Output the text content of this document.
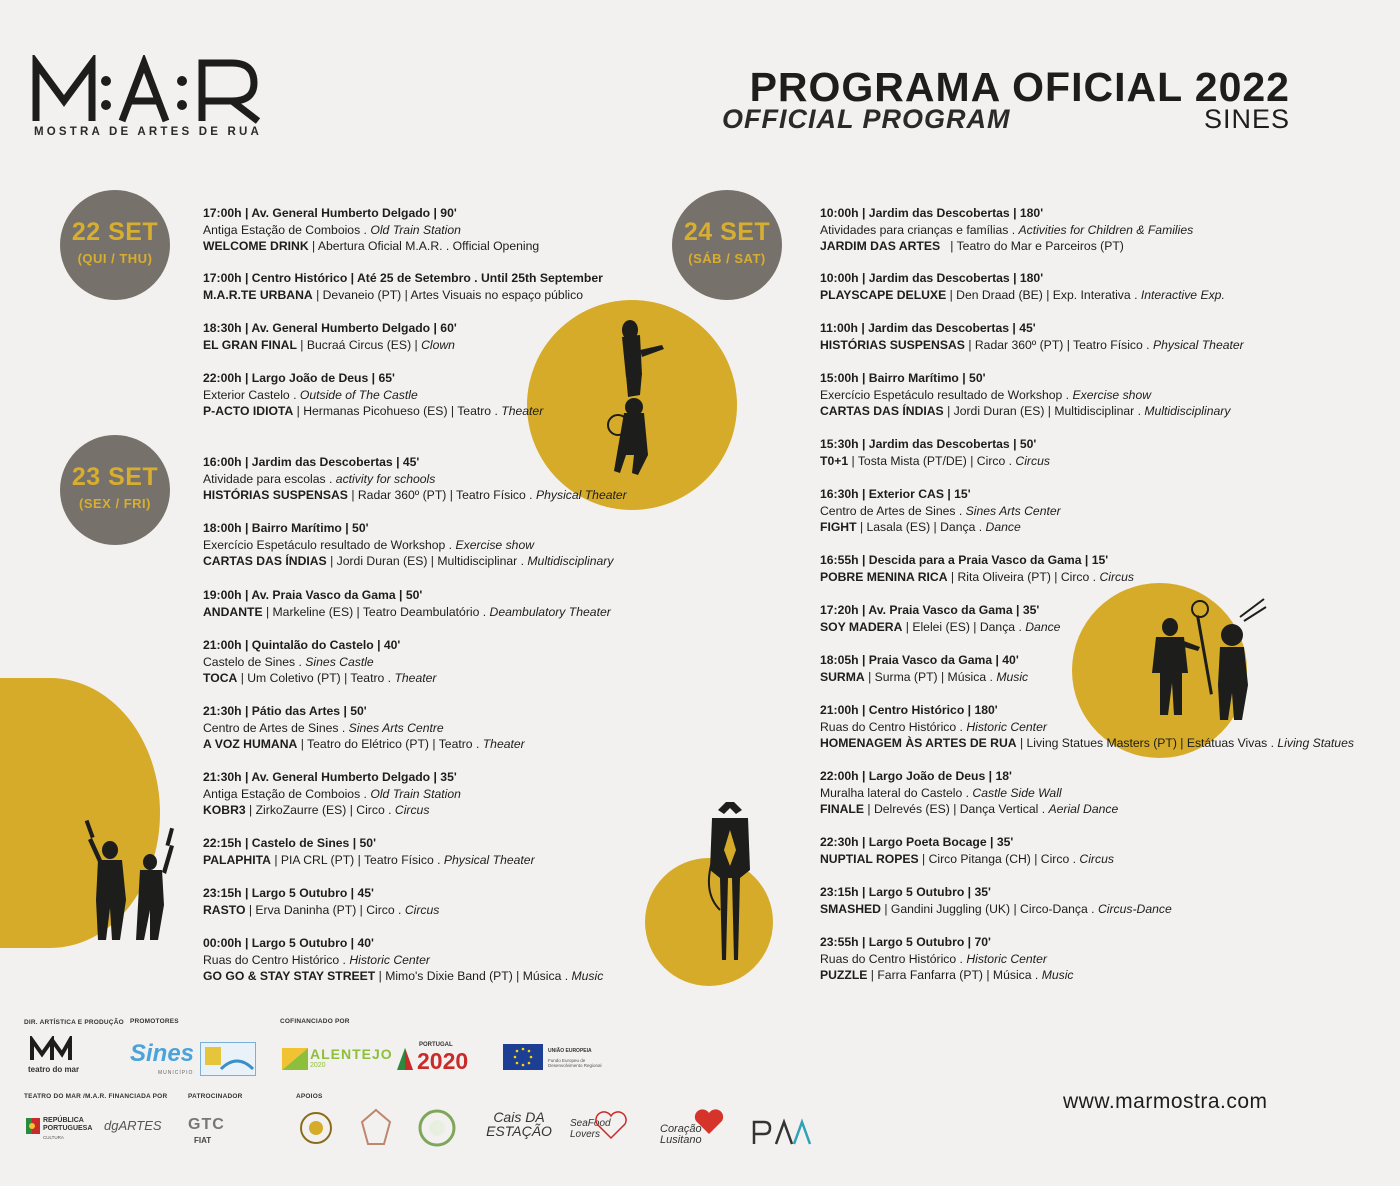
MOSTRA DE ARTES DE RUA
PROGRAMA OFICIAL 2022
OFFICIAL PROGRAM	SINES
22 SET
(QUI / THU)
23 SET
(SEX / FRI)
24 SET
(SÁB / SAT)
17:00h | Av. General Humberto Delgado | 90'
Antiga Estação de Comboios . Old Train Station
WELCOME DRINK | Abertura Oficial M.A.R. . Official Opening
17:00h | Centro Histórico | Até 25 de Setembro . Until 25th September
M.A.R.TE URBANA | Devaneio (PT) | Artes Visuais no espaço público
18:30h | Av. General Humberto Delgado | 60'
EL GRAN FINAL | Bucraá Circus (ES) | Clown
22:00h | Largo João de Deus | 65'
Exterior Castelo . Outside of The Castle
P-ACTO IDIOTA | Hermanas Picohueso (ES) | Teatro . Theater
16:00h | Jardim das Descobertas | 45'
Atividade para escolas . activity for schools
HISTÓRIAS SUSPENSAS | Radar 360º (PT) | Teatro Físico . Physical Theater
18:00h | Bairro Marítimo | 50'
Exercício Espetáculo resultado de Workshop . Exercise show
CARTAS DAS ÍNDIAS | Jordi Duran (ES) | Multidisciplinar . Multidisciplinary
19:00h | Av. Praia Vasco da Gama | 50'
ANDANTE | Markeline (ES) | Teatro Deambulatório . Deambulatory Theater
21:00h | Quintalão do Castelo | 40'
Castelo de Sines . Sines Castle
TOCA | Um Coletivo (PT) | Teatro . Theater
21:30h | Pátio das Artes | 50'
Centro de Artes de Sines . Sines Arts Centre
A VOZ HUMANA | Teatro do Elétrico (PT) | Teatro . Theater
21:30h | Av. General Humberto Delgado | 35'
Antiga Estação de Comboios . Old Train Station
KOBR3 | ZirkoZaurre (ES) | Circo . Circus
22:15h | Castelo de Sines | 50'
PALAPHITA | PIA CRL (PT) | Teatro Físico . Physical Theater
23:15h | Largo 5 Outubro | 45'
RASTO | Erva Daninha (PT) | Circo . Circus
00:00h | Largo 5 Outubro | 40'
Ruas do Centro Histórico . Historic Center
GO GO & STAY STAY STREET | Mimo's Dixie Band (PT) | Música . Music
10:00h | Jardim das Descobertas | 180'
Atividades para crianças e famílias . Activities for Children & Families
JARDIM DAS ARTES   | Teatro do Mar e Parceiros (PT)
10:00h | Jardim das Descobertas | 180'
PLAYSCAPE DELUXE | Den Draad (BE) | Exp. Interativa . Interactive Exp.
11:00h | Jardim das Descobertas | 45'
HISTÓRIAS SUSPENSAS | Radar 360º (PT) | Teatro Físico . Physical Theater
15:00h | Bairro Marítimo | 50'
Exercício Espetáculo resultado de Workshop . Exercise show
CARTAS DAS ÍNDIAS | Jordi Duran (ES) | Multidisciplinar . Multidisciplinary
15:30h | Jardim das Descobertas | 50'
T0+1 | Tosta Mista (PT/DE) | Circo . Circus
16:30h | Exterior CAS | 15'
Centro de Artes de Sines . Sines Arts Center
FIGHT | Lasala (ES) | Dança . Dance
16:55h | Descida para a Praia Vasco da Gama | 15'
POBRE MENINA RICA | Rita Oliveira (PT) | Circo . Circus
17:20h | Av. Praia Vasco da Gama | 35'
SOY MADERA | Elelei (ES) | Dança . Dance
18:05h | Praia Vasco da Gama | 40'
SURMA | Surma (PT) | Música . Music
21:00h | Centro Histórico | 180'
Ruas do Centro Histórico . Historic Center
HOMENAGEM ÀS ARTES DE RUA | Living Statues Masters (PT) | Estátuas Vivas . Living Statues
22:00h | Largo João de Deus | 18'
Muralha lateral do Castelo . Castle Side Wall
FINALE | Delrevés (ES) | Dança Vertical . Aerial Dance
22:30h | Largo Poeta Bocage | 35'
NUPTIAL ROPES | Circo Pitanga (CH) | Circo . Circus
23:15h | Largo 5 Outubro | 35'
SMASHED | Gandini Juggling (UK) | Circo-Dança . Circus-Dance
23:55h | Largo 5 Outubro | 70'
Ruas do Centro Histórico . Historic Center
PUZZLE | Farra Fanfarra (PT) | Música . Music
DIR. ARTÍSTICA E PRODUÇÃO PROMOTORES	COFINANCIADO POR
TEATRO DO MAR /M.A.R. FINANCIADA POR	PATROCINADOR	APOIOS
teatro do mar
Sines
MUNICÍPIO
ALENTEJO
2020
PORTUGAL
2020	UNIÃO EUROPEIA
Fundo Europeu de Desenvolvimento Regional
REPÚBLICA PORTUGUESA
CULTURA
dgARTES GTC
FIAT
Cais DA ESTAÇÃO SeaFood Lovers	Coração Lusitano
www.marmostra.com
